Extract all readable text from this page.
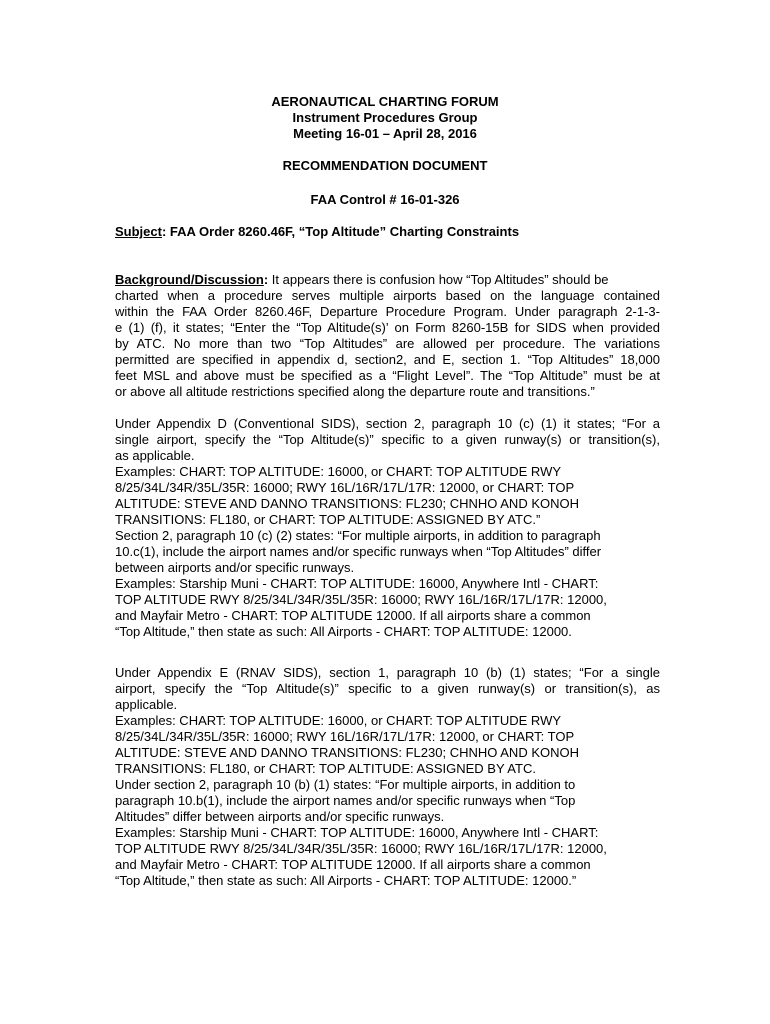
AERONAUTICAL CHARTING FORUM
Instrument Procedures Group
Meeting 16-01 – April 28, 2016
RECOMMENDATION DOCUMENT
FAA Control # 16-01-326
Subject: FAA Order 8260.46F, “Top Altitude” Charting Constraints
Background/Discussion: It appears there is confusion how “Top Altitudes” should be
charted when a procedure serves multiple airports based on the language contained
within the FAA Order 8260.46F, Departure Procedure Program. Under paragraph 2-1-3-
e (1) (f), it states; “Enter the “Top Altitude(s)’ on Form 8260-15B for SIDS when provided
by ATC. No more than two “Top Altitudes” are allowed per procedure. The variations
permitted are specified in appendix d, section2, and E, section 1. “Top Altitudes” 18,000
feet MSL and above must be specified as a “Flight Level”. The “Top Altitude” must be at
or above all altitude restrictions specified along the departure route and transitions.”
Under Appendix D (Conventional SIDS), section 2, paragraph 10 (c) (1) it states; “For a
single airport, specify the “Top Altitude(s)” specific to a given runway(s) or transition(s),
as applicable.
Examples: CHART: TOP ALTITUDE: 16000, or CHART: TOP ALTITUDE RWY
8/25/34L/34R/35L/35R: 16000; RWY 16L/16R/17L/17R: 12000, or CHART: TOP
ALTITUDE: STEVE AND DANNO TRANSITIONS: FL230; CHNHO AND KONOH
TRANSITIONS: FL180, or CHART: TOP ALTITUDE: ASSIGNED BY ATC.”
Section 2, paragraph 10 (c) (2) states: “For multiple airports, in addition to paragraph
10.c(1), include the airport names and/or specific runways when “Top Altitudes” differ
between airports and/or specific runways.
Examples: Starship Muni - CHART: TOP ALTITUDE: 16000, Anywhere Intl - CHART:
TOP ALTITUDE RWY 8/25/34L/34R/35L/35R: 16000; RWY 16L/16R/17L/17R: 12000,
and Mayfair Metro - CHART: TOP ALTITUDE 12000. If all airports share a common
“Top Altitude,” then state as such: All Airports - CHART: TOP ALTITUDE: 12000.
Under Appendix E (RNAV SIDS), section 1, paragraph 10 (b) (1) states; “For a single
airport, specify the “Top Altitude(s)” specific to a given runway(s) or transition(s), as
applicable.
Examples: CHART: TOP ALTITUDE: 16000, or CHART: TOP ALTITUDE RWY
8/25/34L/34R/35L/35R: 16000; RWY 16L/16R/17L/17R: 12000, or CHART: TOP
ALTITUDE: STEVE AND DANNO TRANSITIONS: FL230; CHNHO AND KONOH
TRANSITIONS: FL180, or CHART: TOP ALTITUDE: ASSIGNED BY ATC.
Under section 2, paragraph 10 (b) (1) states: “For multiple airports, in addition to
paragraph 10.b(1), include the airport names and/or specific runways when “Top
Altitudes” differ between airports and/or specific runways.
Examples: Starship Muni - CHART: TOP ALTITUDE: 16000, Anywhere Intl - CHART:
TOP ALTITUDE RWY 8/25/34L/34R/35L/35R: 16000; RWY 16L/16R/17L/17R: 12000,
and Mayfair Metro - CHART: TOP ALTITUDE 12000. If all airports share a common
“Top Altitude,” then state as such: All Airports - CHART: TOP ALTITUDE: 12000.”
